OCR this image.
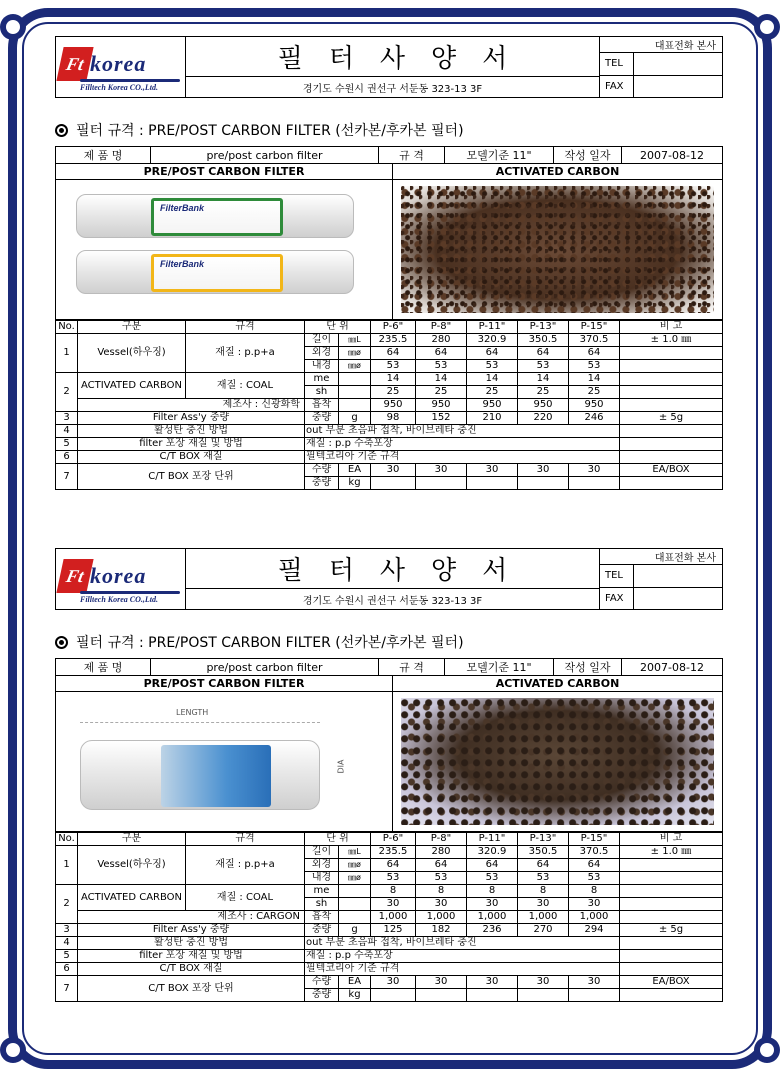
Ft korea
Filltech Korea CO.,Ltd.
필터사양서
경기도 수원시 권선구 서둔동 323-13 3F
대표전화 본사
TEL
FAX
필터 규격 : PRE/POST CARBON FILTER (선카본/후카본 필터)
제 품 명	pre/post carbon filter	규 격	모델기준 11"	작성 일자	2007-08-12
PRE/POST CARBON FILTER	ACTIVATED CARBON
FilterBank
FilterBank
No.	구분	규격	단 위		P-6"	P-8"	P-11"	P-13"	P-15"	비 고
1	Vessel(하우징)	재질 : p.p+a	길이	㎜L	235.5	280	320.9	350.5	370.5	± 1.0 ㎜
			외경	㎜ø	64	64	64	64	64	
			내경	㎜ø	53	53	53	53	53	
2	ACTIVATED CARBON	재질 : COAL	me		14	14	14	14	14	
			sh		25	25	25	25	25	
	제조사 : 신광화학		흡착		950	950	950	950	950	
3	Filter Ass'y 중량		중량	g	98	152	210	220	246	± 5g
4	활성탄 충진 방법		out 부분 초음파 접착, 바이브레타 충진							
5	filter 포장 재질 및 방법		재질 : p.p 수축포장							
6	C/T BOX 재질		필텍코리아 기준 규격							
7	C/T BOX 포장 단위		수량	EA	30	30	30	30	30	EA/BOX
			중량	kg						
Ft korea
Filltech Korea CO.,Ltd.
필터사양서
경기도 수원시 권선구 서둔동 323-13 3F
대표전화 본사
TEL
FAX
필터 규격 : PRE/POST CARBON FILTER (선카본/후카본 필터)
제 품 명	pre/post carbon filter	규 격	모델기준 11"	작성 일자	2007-08-12
PRE/POST CARBON FILTER	ACTIVATED CARBON
LENGTH
DIA
No.	구분	규격	단 위		P-6"	P-8"	P-11"	P-13"	P-15"	비 고
1	Vessel(하우징)	재질 : p.p+a	길이	㎜L	235.5	280	320.9	350.5	370.5	± 1.0 ㎜
			외경	㎜ø	64	64	64	64	64	
			내경	㎜ø	53	53	53	53	53	
2	ACTIVATED CARBON	재질 : COAL	me		8	8	8	8	8	
			sh		30	30	30	30	30	
	제조사 : CARGON		흡착		1,000	1,000	1,000	1,000	1,000	
3	Filter Ass'y 중량		중량	g	125	182	236	270	294	± 5g
4	활성탄 충진 방법		out 부분 초음파 접착, 바이브레타 충진							
5	filter 포장 재질 및 방법		재질 : p.p 수축포장							
6	C/T BOX 재질		필텍코리아 기준 규격							
7	C/T BOX 포장 단위		수량	EA	30	30	30	30	30	EA/BOX
			중량	kg						
